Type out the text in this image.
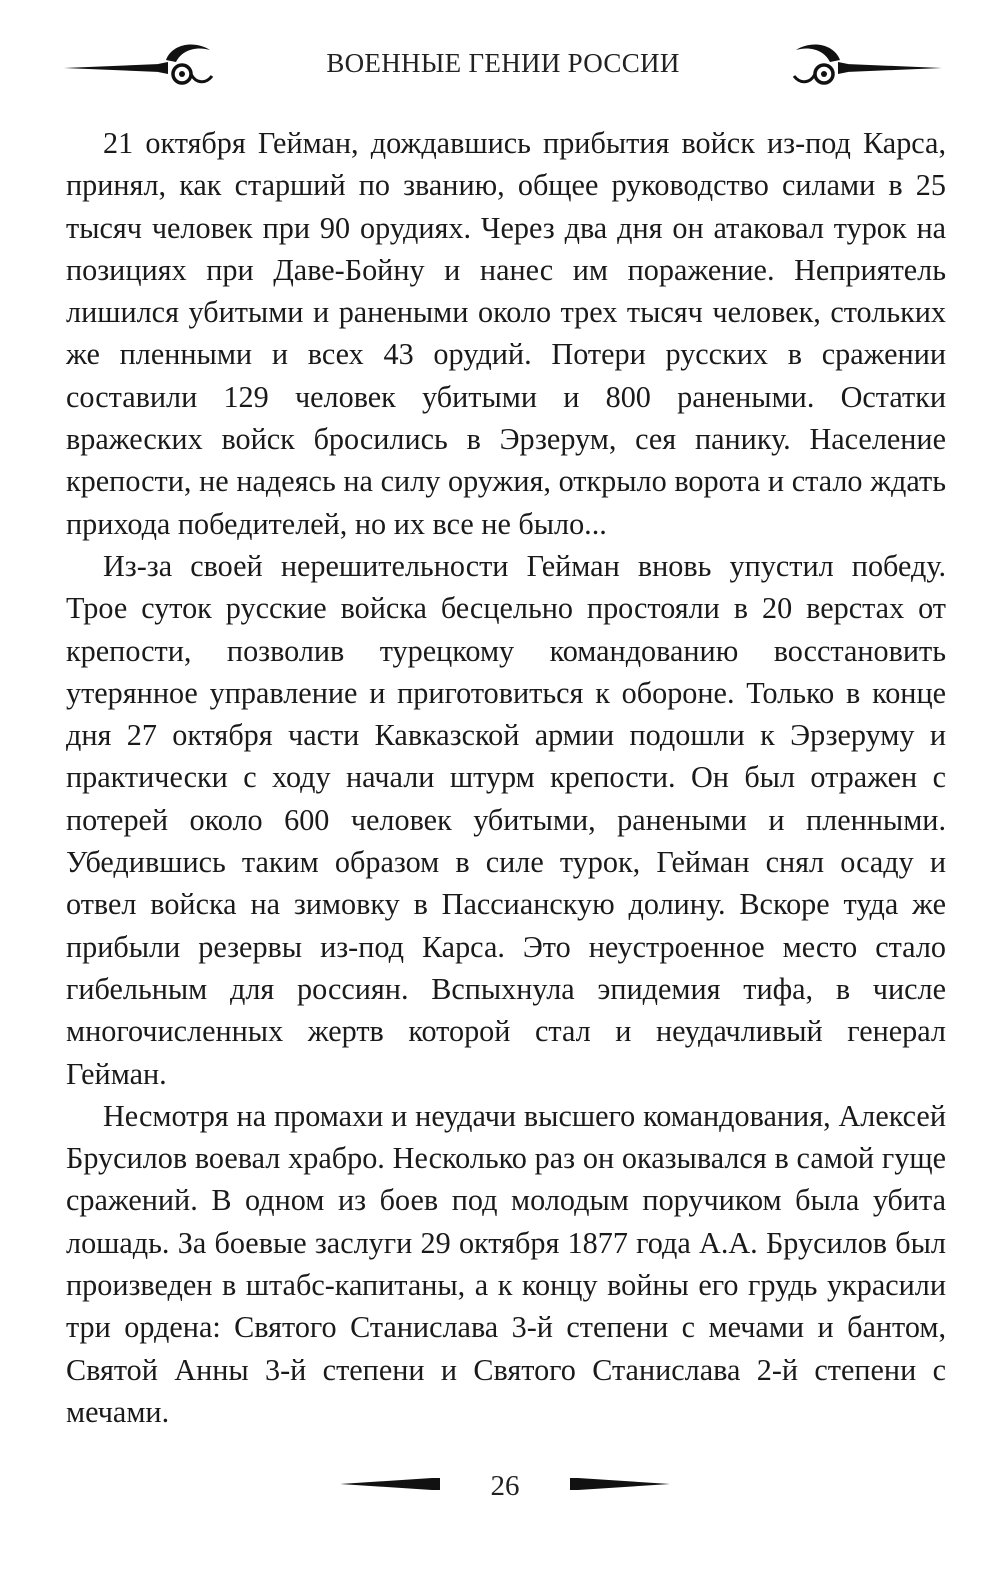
ВОЕННЫЕ ГЕНИИ РОССИИ

21 октября Гейман, дождавшись прибытия войск из-под Карса, принял, как старший по званию, общее руководство силами в 25 тысяч человек при 90 орудиях. Через два дня он атаковал турок на позициях при Даве-Бойну и нанес им поражение. Неприятель лишился убитыми и ранеными около трех тысяч человек, стольких же пленными и всех 43 орудий. Потери русских в сражении составили 129 человек убитыми и 800 ранеными. Остатки вражеских войск бросились в Эрзерум, сея панику. Население крепости, не надеясь на силу оружия, открыло ворота и стало ждать прихода победителей, но их все не было...

Из-за своей нерешительности Гейман вновь упустил победу. Трое суток русские войска бесцельно простояли в 20 верстах от крепости, позволив турецкому командованию восстановить утерянное управление и приготовиться к обороне. Только в конце дня 27 октября части Кавказской армии подошли к Эрзеруму и практически с ходу начали штурм крепости. Он был отражен с потерей около 600 человек убитыми, ранеными и пленными. Убедившись таким образом в силе турок, Гейман снял осаду и отвел войска на зимовку в Пассианскую долину. Вскоре туда же прибыли резервы из-под Карса. Это неустроенное место стало гибельным для россиян. Вспыхнула эпидемия тифа, в числе многочисленных жертв которой стал и неудачливый генерал Гейман.

Несмотря на промахи и неудачи высшего командования, Алексей Брусилов воевал храбро. Несколько раз он оказывался в самой гуще сражений. В одном из боев под молодым поручиком была убита лошадь. За боевые заслуги 29 октября 1877 года А.А. Брусилов был произведен в штабс-капитаны, а к концу войны его грудь украсили три ордена: Святого Станислава 3-й степени с мечами и бантом, Святой Анны 3-й степени и Святого Станислава 2-й степени с мечами.

26
